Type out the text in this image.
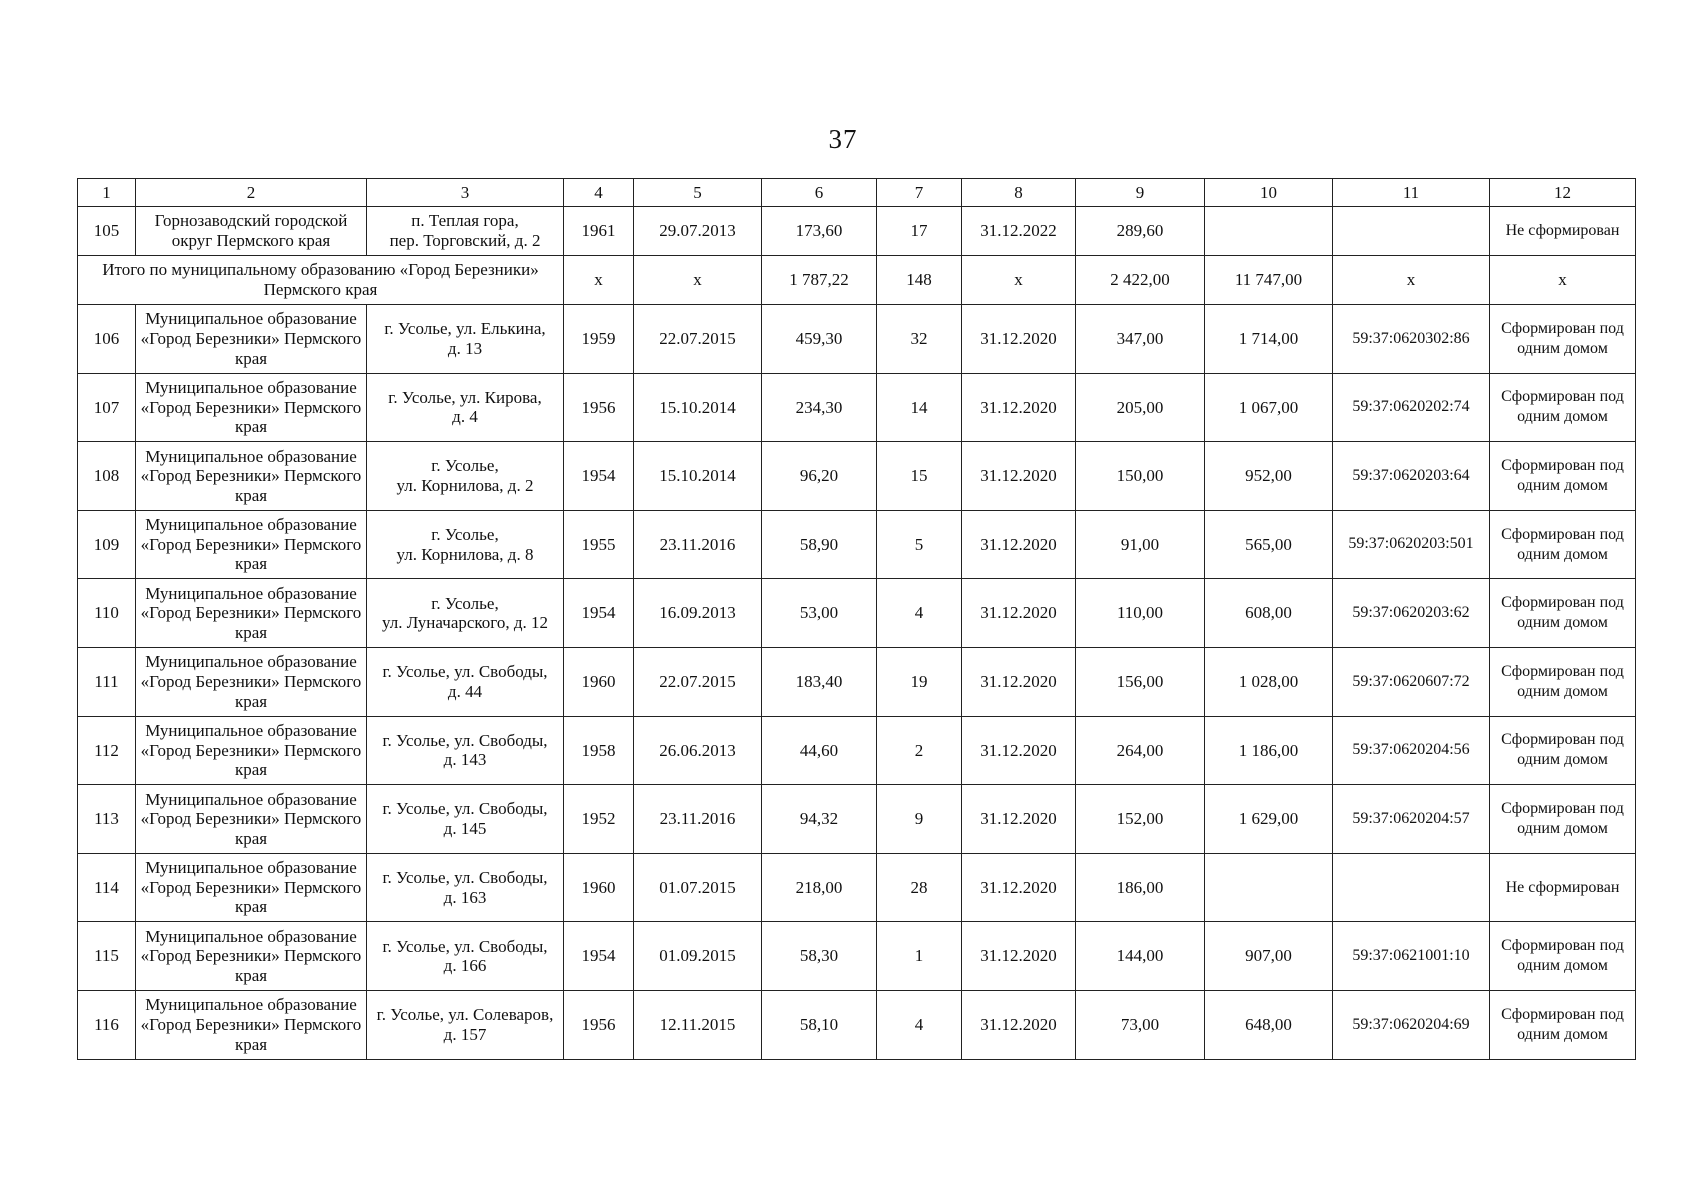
37
1	2	3	4	5	6	7	8	9	10	11	12
105	Горнозаводский городской округ Пермского края	п. Теплая гора,
пер. Торговский, д. 2	1961	29.07.2013	173,60	17	31.12.2022	289,60			Не сформирован
Итого по муниципальному образованию «Город Березники» Пермского края			x	x	1 787,22	148	x	2 422,00	11 747,00	x	x
106	Муниципальное образование «Город Березники» Пермского края	г. Усолье, ул. Елькина,
д. 13	1959	22.07.2015	459,30	32	31.12.2020	347,00	1 714,00	59:37:0620302:86	Сформирован под одним домом
107	Муниципальное образование «Город Березники» Пермского края	г. Усолье, ул. Кирова,
д. 4	1956	15.10.2014	234,30	14	31.12.2020	205,00	1 067,00	59:37:0620202:74	Сформирован под одним домом
108	Муниципальное образование «Город Березники» Пермского края	г. Усолье,
ул. Корнилова, д. 2	1954	15.10.2014	96,20	15	31.12.2020	150,00	952,00	59:37:0620203:64	Сформирован под одним домом
109	Муниципальное образование «Город Березники» Пермского края	г. Усолье,
ул. Корнилова, д. 8	1955	23.11.2016	58,90	5	31.12.2020	91,00	565,00	59:37:0620203:501	Сформирован под одним домом
110	Муниципальное образование «Город Березники» Пермского края	г. Усолье,
ул. Луначарского, д. 12	1954	16.09.2013	53,00	4	31.12.2020	110,00	608,00	59:37:0620203:62	Сформирован под одним домом
111	Муниципальное образование «Город Березники» Пермского края	г. Усолье, ул. Свободы,
д. 44	1960	22.07.2015	183,40	19	31.12.2020	156,00	1 028,00	59:37:0620607:72	Сформирован под одним домом
112	Муниципальное образование «Город Березники» Пермского края	г. Усолье, ул. Свободы,
д. 143	1958	26.06.2013	44,60	2	31.12.2020	264,00	1 186,00	59:37:0620204:56	Сформирован под одним домом
113	Муниципальное образование «Город Березники» Пермского края	г. Усолье, ул. Свободы,
д. 145	1952	23.11.2016	94,32	9	31.12.2020	152,00	1 629,00	59:37:0620204:57	Сформирован под одним домом
114	Муниципальное образование «Город Березники» Пермского края	г. Усолье, ул. Свободы,
д. 163	1960	01.07.2015	218,00	28	31.12.2020	186,00			Не сформирован
115	Муниципальное образование «Город Березники» Пермского края	г. Усолье, ул. Свободы,
д. 166	1954	01.09.2015	58,30	1	31.12.2020	144,00	907,00	59:37:0621001:10	Сформирован под одним домом
116	Муниципальное образование «Город Березники» Пермского края	г. Усолье, ул. Солеваров,
д. 157	1956	12.11.2015	58,10	4	31.12.2020	73,00	648,00	59:37:0620204:69	Сформирован под одним домом
